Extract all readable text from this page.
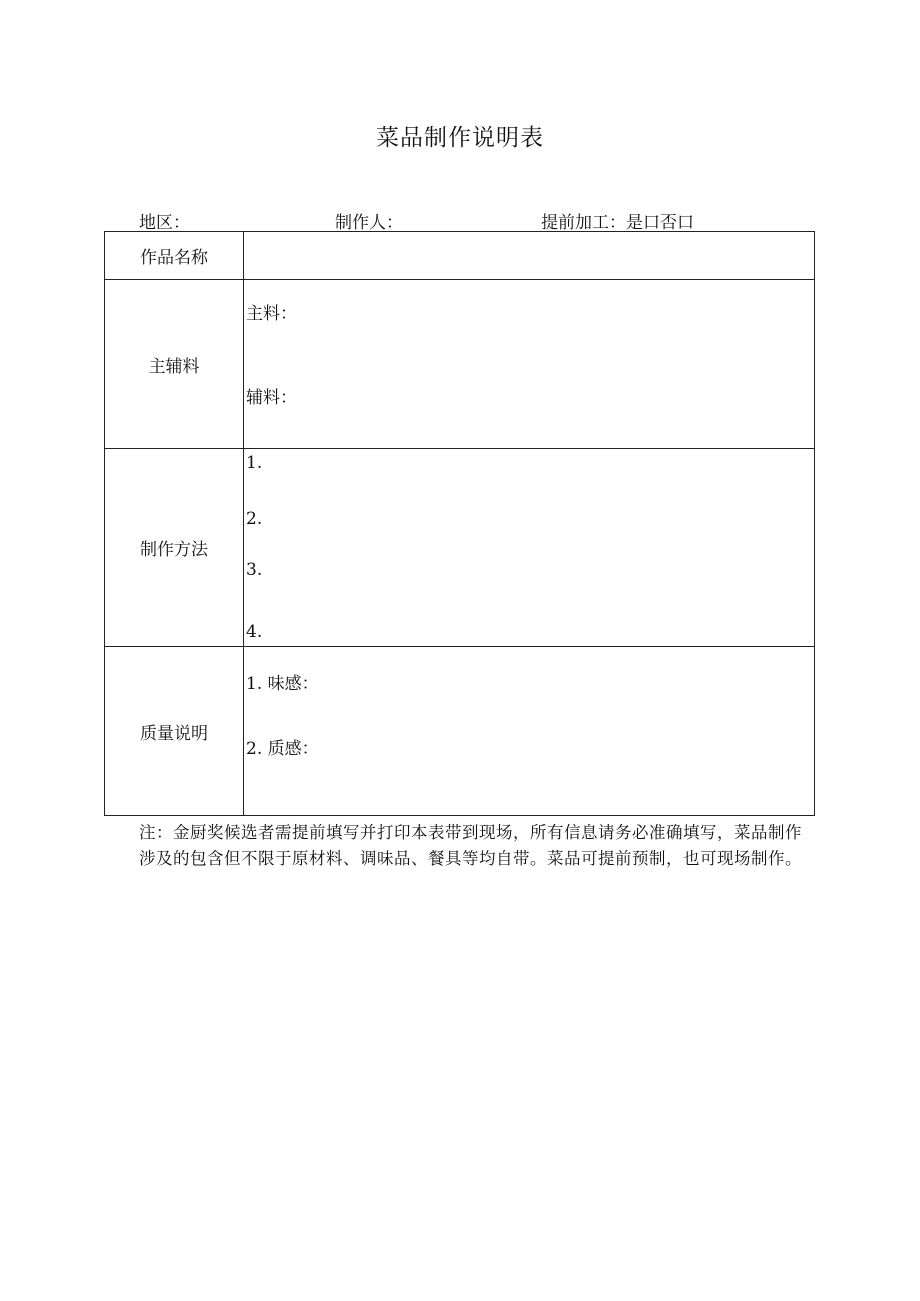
菜品制作说明表
地区：	制作人：	提前加工：是口否口
作品名称	
主辅料	主料：
辅料：

制作方法	1.
2.
3.
4.

质量说明	1. 味感：
2. 质感：
注：金厨奖候选者需提前填写并打印本表带到现场，所有信息请务必准确填写，菜品制作涉及的包含但不限于原材料、调味品、餐具等均自带。菜品可提前预制，也可现场制作。
